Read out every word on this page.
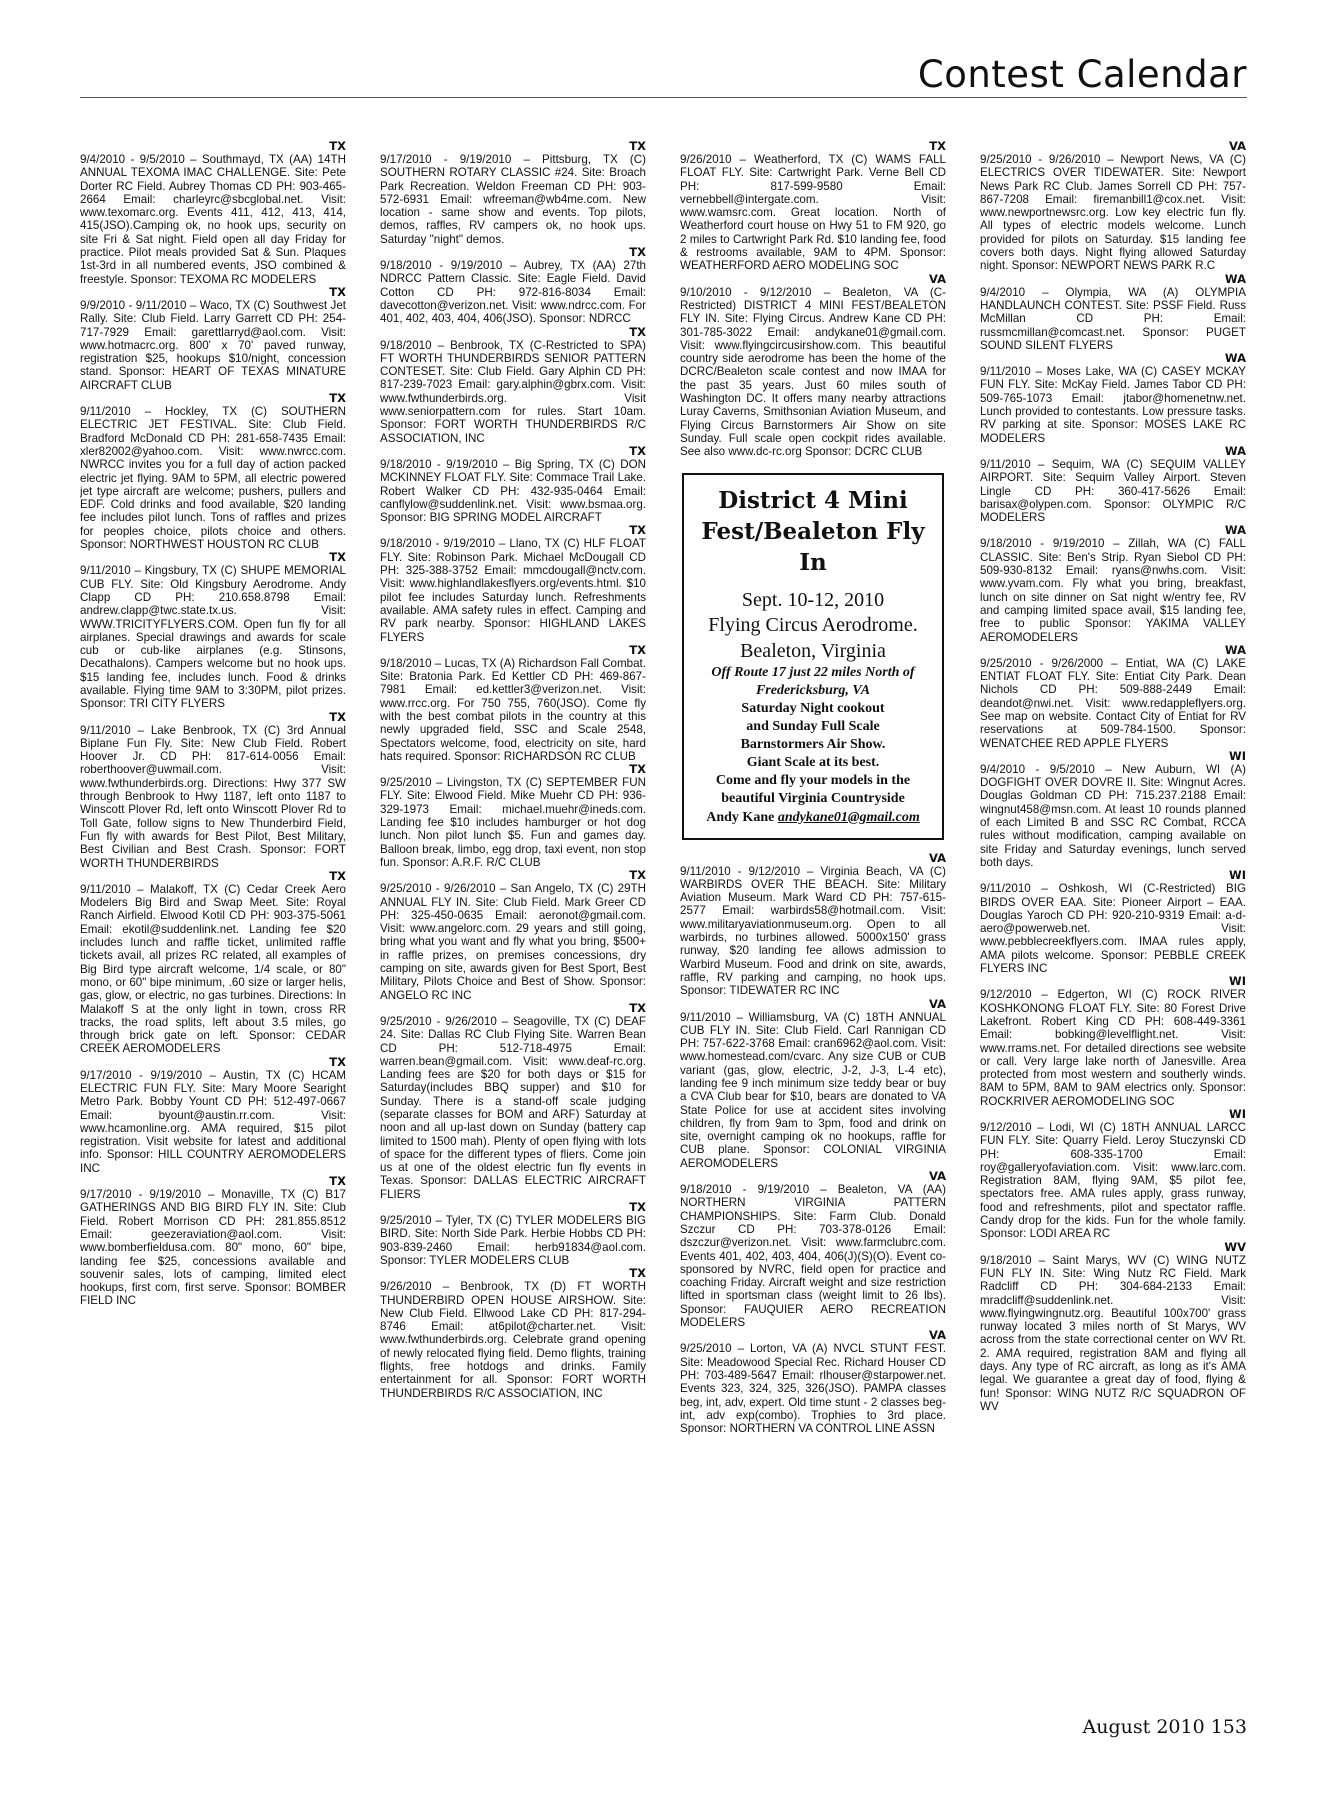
Contest Calendar
TX
9/4/2010 - 9/5/2010 – Southmayd, TX (AA) 14TH ANNUAL TEXOMA IMAC CHALLENGE. Site: Pete Dorter RC Field. Aubrey Thomas CD PH: 903-465-2664 Email: charleyrc@sbcglobal.net. Visit: www.texomarc.org. Events 411, 412, 413, 414, 415(JSO).Camping ok, no hook ups, security on site Fri & Sat night. Field open all day Friday for practice. Pilot meals provided Sat & Sun. Plaques 1st-3rd in all numbered events, JSO combined & freestyle. Sponsor: TEXOMA RC MODELERS
TX
9/9/2010 - 9/11/2010 – Waco, TX (C) Southwest Jet Rally. Site: Club Field. Larry Garrett CD PH: 254-717-7929 Email: garettlarryd@aol.com. Visit: www.hotmacrc.org. 800' x 70' paved runway, registration $25, hookups $10/night, concession stand. Sponsor: HEART OF TEXAS MINATURE AIRCRAFT CLUB
TX
9/11/2010 – Hockley, TX (C) SOUTHERN ELECTRIC JET FESTIVAL. Site: Club Field. Bradford McDonald CD PH: 281-658-7435 Email: xler82002@yahoo.com. Visit: www.nwrcc.com. NWRCC invites you for a full day of action packed electric jet flying. 9AM to 5PM, all electric powered jet type aircraft are welcome; pushers, pullers and EDF. Cold drinks and food available, $20 landing fee includes pilot lunch. Tons of raffles and prizes for peoples choice, pilots choice and others. Sponsor: NORTHWEST HOUSTON RC CLUB
TX
9/11/2010 – Kingsbury, TX (C) SHUPE MEMORIAL CUB FLY. Site: Old Kingsbury Aerodrome. Andy Clapp CD PH: 210.658.8798 Email: andrew.clapp@twc.state.tx.us. Visit: WWW.TRICITYFLYERS.COM. Open fun fly for all airplanes. Special drawings and awards for scale cub or cub-like airplanes (e.g. Stinsons, Decathalons). Campers welcome but no hook ups. $15 landing fee, includes lunch. Food & drinks available. Flying time 9AM to 3:30PM, pilot prizes. Sponsor: TRI CITY FLYERS
TX
9/11/2010 – Lake Benbrook, TX (C) 3rd Annual Biplane Fun Fly. Site: New Club Field. Robert Hoover Jr. CD PH: 817-614-0056 Email: roberthoover@uwmail.com. Visit: www.fwthunderbirds.org. Directions: Hwy 377 SW through Benbrook to Hwy 1187, left onto 1187 to Winscott Plover Rd, left onto Winscott Plover Rd to Toll Gate, follow signs to New Thunderbird Field, Fun fly with awards for Best Pilot, Best Military, Best Civilian and Best Crash. Sponsor: FORT WORTH THUNDERBIRDS
TX
9/11/2010 – Malakoff, TX (C) Cedar Creek Aero Modelers Big Bird and Swap Meet. Site: Royal Ranch Airfield. Elwood Kotil CD PH: 903-375-5061 Email: ekotil@suddenlink.net. Landing fee $20 includes lunch and raffle ticket, unlimited raffle tickets avail, all prizes RC related, all examples of Big Bird type aircraft welcome, 1/4 scale, or 80" mono, or 60" bipe minimum, .60 size or larger helis, gas, glow, or electric, no gas turbines. Directions: In Malakoff S at the only light in town, cross RR tracks, the road splits, left about 3.5 miles, go through brick gate on left. Sponsor: CEDAR CREEK AEROMODELERS
TX
9/17/2010 - 9/19/2010 – Austin, TX (C) HCAM ELECTRIC FUN FLY. Site: Mary Moore Searight Metro Park. Bobby Yount CD PH: 512-497-0667 Email: byount@austin.rr.com. Visit: www.hcamonline.org. AMA required, $15 pilot registration. Visit website for latest and additional info. Sponsor: HILL COUNTRY AEROMODELERS INC
TX
9/17/2010 - 9/19/2010 – Monaville, TX (C) B17 GATHERINGS AND BIG BIRD FLY IN. Site: Club Field. Robert Morrison CD PH: 281.855.8512 Email: geezeraviation@aol.com. Visit: www.bomberfieldusa.com. 80" mono, 60" bipe, landing fee $25, concessions available and souvenir sales, lots of camping, limited elect hookups, first com, first serve. Sponsor: BOMBER FIELD INC
TX
9/17/2010 - 9/19/2010 – Pittsburg, TX (C) SOUTHERN ROTARY CLASSIC #24. Site: Broach Park Recreation. Weldon Freeman CD PH: 903-572-6931 Email: wfreeman@wb4me.com. New location - same show and events. Top pilots, demos, raffles, RV campers ok, no hook ups. Saturday "night" demos.
TX
9/18/2010 - 9/19/2010 – Aubrey, TX (AA) 27th NDRCC Pattern Classic. Site: Eagle Field. David Cotton CD PH: 972-816-8034 Email: davecotton@verizon.net. Visit: www.ndrcc.com. For 401, 402, 403, 404, 406(JSO). Sponsor: NDRCC
TX
9/18/2010 – Benbrook, TX (C-Restricted to SPA) FT WORTH THUNDERBIRDS SENIOR PATTERN CONTESET. Site: Club Field. Gary Alphin CD PH: 817-239-7023 Email: gary.alphin@gbrx.com. Visit: www.fwthunderbirds.org. Visit www.seniorpattern.com for rules. Start 10am. Sponsor: FORT WORTH THUNDERBIRDS R/C ASSOCIATION, INC
TX
9/18/2010 - 9/19/2010 – Big Spring, TX (C) DON MCKINNEY FLOAT FLY. Site: Commace Trail Lake. Robert Walker CD PH: 432-935-0464 Email: canflylow@suddenlink.net. Visit: www.bsmaa.org. Sponsor: BIG SPRING MODEL AIRCRAFT
TX
9/18/2010 - 9/19/2010 – Llano, TX (C) HLF FLOAT FLY. Site: Robinson Park. Michael McDougall CD PH: 325-388-3752 Email: mmcdougall@nctv.com. Visit: www.highlandlakesflyers.org/events.html. $10 pilot fee includes Saturday lunch. Refreshments available. AMA safety rules in effect. Camping and RV park nearby. Sponsor: HIGHLAND LAKES FLYERS
TX
9/18/2010 – Lucas, TX (A) Richardson Fall Combat. Site: Bratonia Park. Ed Kettler CD PH: 469-867-7981 Email: ed.kettler3@verizon.net. Visit: www.rrcc.org. For 750 755, 760(JSO). Come fly with the best combat pilots in the country at this newly upgraded field, SSC and Scale 2548, Spectators welcome, food, electricity on site, hard hats required. Sponsor: RICHARDSON RC CLUB
TX
9/25/2010 – Livingston, TX (C) SEPTEMBER FUN FLY. Site: Elwood Field. Mike Muehr CD PH: 936-329-1973 Email: michael.muehr@ineds.com. Landing fee $10 includes hamburger or hot dog lunch. Non pilot lunch $5. Fun and games day. Balloon break, limbo, egg drop, taxi event, non stop fun. Sponsor: A.R.F. R/C CLUB
TX
9/25/2010 - 9/26/2010 – San Angelo, TX (C) 29TH ANNUAL FLY IN. Site: Club Field. Mark Greer CD PH: 325-450-0635 Email: aeronot@gmail.com. Visit: www.angelorc.com. 29 years and still going, bring what you want and fly what you bring, $500+ in raffle prizes, on premises concessions, dry camping on site, awards given for Best Sport, Best Military, Pilots Choice and Best of Show. Sponsor: ANGELO RC INC
TX
9/25/2010 - 9/26/2010 – Seagoville, TX (C) DEAF 24. Site: Dallas RC Club Flying Site. Warren Bean CD PH: 512-718-4975 Email: warren.bean@gmail.com. Visit: www.deaf-rc.org. Landing fees are $20 for both days or $15 for Saturday(includes BBQ supper) and $10 for Sunday. There is a stand-off scale judging (separate classes for BOM and ARF) Saturday at noon and all up-last down on Sunday (battery cap limited to 1500 mah). Plenty of open flying with lots of space for the different types of fliers. Come join us at one of the oldest electric fun fly events in Texas. Sponsor: DALLAS ELECTRIC AIRCRAFT FLIERS
TX
9/25/2010 – Tyler, TX (C) TYLER MODELERS BIG BIRD. Site: North Side Park. Herbie Hobbs CD PH: 903-839-2460 Email: herb91834@aol.com. Sponsor: TYLER MODELERS CLUB
TX
9/26/2010 – Benbrook, TX (D) FT WORTH THUNDERBIRD OPEN HOUSE AIRSHOW. Site: New Club Field. Ellwood Lake CD PH: 817-294-8746 Email: at6pilot@charter.net. Visit: www.fwthunderbirds.org. Celebrate grand opening of newly relocated flying field. Demo flights, training flights, free hotdogs and drinks. Family entertainment for all. Sponsor: FORT WORTH THUNDERBIRDS R/C ASSOCIATION, INC
TX
9/26/2010 – Weatherford, TX (C) WAMS FALL FLOAT FLY. Site: Cartwright Park. Verne Bell CD PH: 817-599-9580 Email: vernebbell@intergate.com. Visit: www.wamsrc.com. Great location. North of Weatherford court house on Hwy 51 to FM 920, go 2 miles to Cartwright Park Rd. $10 landing fee, food & restrooms available, 9AM to 4PM. Sponsor: WEATHERFORD AERO MODELING SOC
VA
9/10/2010 - 9/12/2010 – Bealeton, VA (C-Restricted) DISTRICT 4 MINI FEST/BEALETON FLY IN. Site: Flying Circus. Andrew Kane CD PH: 301-785-3022 Email: andykane01@gmail.com. Visit: www.flyingcircusirshow.com. This beautiful country side aerodrome has been the home of the DCRC/Bealeton scale contest and now IMAA for the past 35 years. Just 60 miles south of Washington DC. It offers many nearby attractions Luray Caverns, Smithsonian Aviation Museum, and Flying Circus Barnstormers Air Show on site Sunday. Full scale open cockpit rides available. See also www.dc-rc.org Sponsor: DCRC CLUB
District 4 Mini Fest/Bealeton Fly In
Sept. 10-12, 2010
Flying Circus Aerodrome.
Bealeton, Virginia
Off Route 17 just 22 miles North of
Fredericksburg, VA
Saturday Night cookout
and Sunday Full Scale
Barnstormers Air Show.
Giant Scale at its best.
Come and fly your models in the
beautiful Virginia Countryside
Andy Kane andykane01@gmail.com
VA
9/11/2010 - 9/12/2010 – Virginia Beach, VA (C) WARBIRDS OVER THE BEACH. Site: Military Aviation Museum. Mark Ward CD PH: 757-615-2577 Email: warbirds58@hotmail.com. Visit: www.militaryaviationmuseum.org. Open to all warbirds, no turbines allowed. 5000x150' grass runway, $20 landing fee allows admission to Warbird Museum. Food and drink on site, awards, raffle, RV parking and camping, no hook ups. Sponsor: TIDEWATER RC INC
VA
9/11/2010 – Williamsburg, VA (C) 18TH ANNUAL CUB FLY IN. Site: Club Field. Carl Rannigan CD PH: 757-622-3768 Email: cran6962@aol.com. Visit: www.homestead.com/cvarc. Any size CUB or CUB variant (gas, glow, electric, J-2, J-3, L-4 etc), landing fee 9 inch minimum size teddy bear or buy a CVA Club bear for $10, bears are donated to VA State Police for use at accident sites involving children, fly from 9am to 3pm, food and drink on site, overnight camping ok no hookups, raffle for CUB plane. Sponsor: COLONIAL VIRGINIA AEROMODELERS
VA
9/18/2010 - 9/19/2010 – Bealeton, VA (AA) NORTHERN VIRGINIA PATTERN CHAMPIONSHIPS. Site: Farm Club. Donald Szczur CD PH: 703-378-0126 Email: dszczur@verizon.net. Visit: www.farmclubrc.com. Events 401, 402, 403, 404, 406(J)(S)(O). Event co-sponsored by NVRC, field open for practice and coaching Friday. Aircraft weight and size restriction lifted in sportsman class (weight limit to 26 lbs). Sponsor: FAUQUIER AERO RECREATION MODELERS
VA
9/25/2010 – Lorton, VA (A) NVCL STUNT FEST. Site: Meadowood Special Rec. Richard Houser CD PH: 703-489-5647 Email: rlhouser@starpower.net. Events 323, 324, 325, 326(JSO). PAMPA classes beg, int, adv, expert. Old time stunt - 2 classes beg-int, adv exp(combo). Trophies to 3rd place. Sponsor: NORTHERN VA CONTROL LINE ASSN
VA
9/25/2010 - 9/26/2010 – Newport News, VA (C) ELECTRICS OVER TIDEWATER. Site: Newport News Park RC Club. James Sorrell CD PH: 757-867-7208 Email: firemanbill1@cox.net. Visit: www.newportnewsrc.org. Low key electric fun fly. All types of electric models welcome. Lunch provided for pilots on Saturday. $15 landing fee covers both days. Night flying allowed Saturday night. Sponsor: NEWPORT NEWS PARK R.C
WA
9/4/2010 – Olympia, WA (A) OLYMPIA HANDLAUNCH CONTEST. Site: PSSF Field. Russ McMillan CD PH: Email: russmcmillan@comcast.net. Sponsor: PUGET SOUND SILENT FLYERS
WA
9/11/2010 – Moses Lake, WA (C) CASEY MCKAY FUN FLY. Site: McKay Field. James Tabor CD PH: 509-765-1073 Email: jtabor@homenetnw.net. Lunch provided to contestants. Low pressure tasks. RV parking at site. Sponsor: MOSES LAKE RC MODELERS
WA
9/11/2010 – Sequim, WA (C) SEQUIM VALLEY AIRPORT. Site: Sequim Valley Airport. Steven Lingle CD PH: 360-417-5626 Email: barisax@olypen.com. Sponsor: OLYMPIC R/C MODELERS
WA
9/18/2010 - 9/19/2010 – Zillah, WA (C) FALL CLASSIC. Site: Ben's Strip. Ryan Siebol CD PH: 509-930-8132 Email: ryans@nwhs.com. Visit: www.yvam.com. Fly what you bring, breakfast, lunch on site dinner on Sat night w/entry fee, RV and camping limited space avail, $15 landing fee, free to public Sponsor: YAKIMA VALLEY AEROMODELERS
WA
9/25/2010 - 9/26/2000 – Entiat, WA (C) LAKE ENTIAT FLOAT FLY. Site: Entiat City Park. Dean Nichols CD PH: 509-888-2449 Email: deandot@nwi.net. Visit: www.redappleflyers.org. See map on website. Contact City of Entiat for RV reservations at 509-784-1500. Sponsor: WENATCHEE RED APPLE FLYERS
WI
9/4/2010 - 9/5/2010 – New Auburn, WI (A) DOGFIGHT OVER DOVRE II. Site: Wingnut Acres. Douglas Goldman CD PH: 715.237.2188 Email: wingnut458@msn.com. At least 10 rounds planned of each Limited B and SSC RC Combat, RCCA rules without modification, camping available on site Friday and Saturday evenings, lunch served both days.
WI
9/11/2010 – Oshkosh, WI (C-Restricted) BIG BIRDS OVER EAA. Site: Pioneer Airport – EAA. Douglas Yaroch CD PH: 920-210-9319 Email: a-d-aero@powerweb.net. Visit: www.pebblecreekflyers.com. IMAA rules apply, AMA pilots welcome. Sponsor: PEBBLE CREEK FLYERS INC
WI
9/12/2010 – Edgerton, WI (C) ROCK RIVER KOSHKONONG FLOAT FLY. Site: 80 Forest Drive Lakefront. Robert King CD PH: 608-449-3361 Email: bobking@levelflight.net. Visit: www.rrams.net. For detailed directions see website or call. Very large lake north of Janesville. Area protected from most western and southerly winds. 8AM to 5PM, 8AM to 9AM electrics only. Sponsor: ROCKRIVER AEROMODELING SOC
WI
9/12/2010 – Lodi, WI (C) 18TH ANNUAL LARCC FUN FLY. Site: Quarry Field. Leroy Stuczynski CD PH: 608-335-1700 Email: roy@galleryofaviation.com. Visit: www.larc.com. Registration 8AM, flying 9AM, $5 pilot fee, spectators free. AMA rules apply, grass runway, food and refreshments, pilot and spectator raffle. Candy drop for the kids. Fun for the whole family. Sponsor: LODI AREA RC
WV
9/18/2010 – Saint Marys, WV (C) WING NUTZ FUN FLY IN. Site: Wing Nutz RC Field. Mark Radcliff CD PH: 304-684-2133 Email: mradcliff@suddenlink.net. Visit: www.flyingwingnutz.org. Beautiful 100x700' grass runway located 3 miles north of St Marys, WV across from the state correctional center on WV Rt. 2. AMA required, registration 8AM and flying all days. Any type of RC aircraft, as long as it's AMA legal. We guarantee a great day of food, flying & fun! Sponsor: WING NUTZ R/C SQUADRON OF WV
August 2010 153
